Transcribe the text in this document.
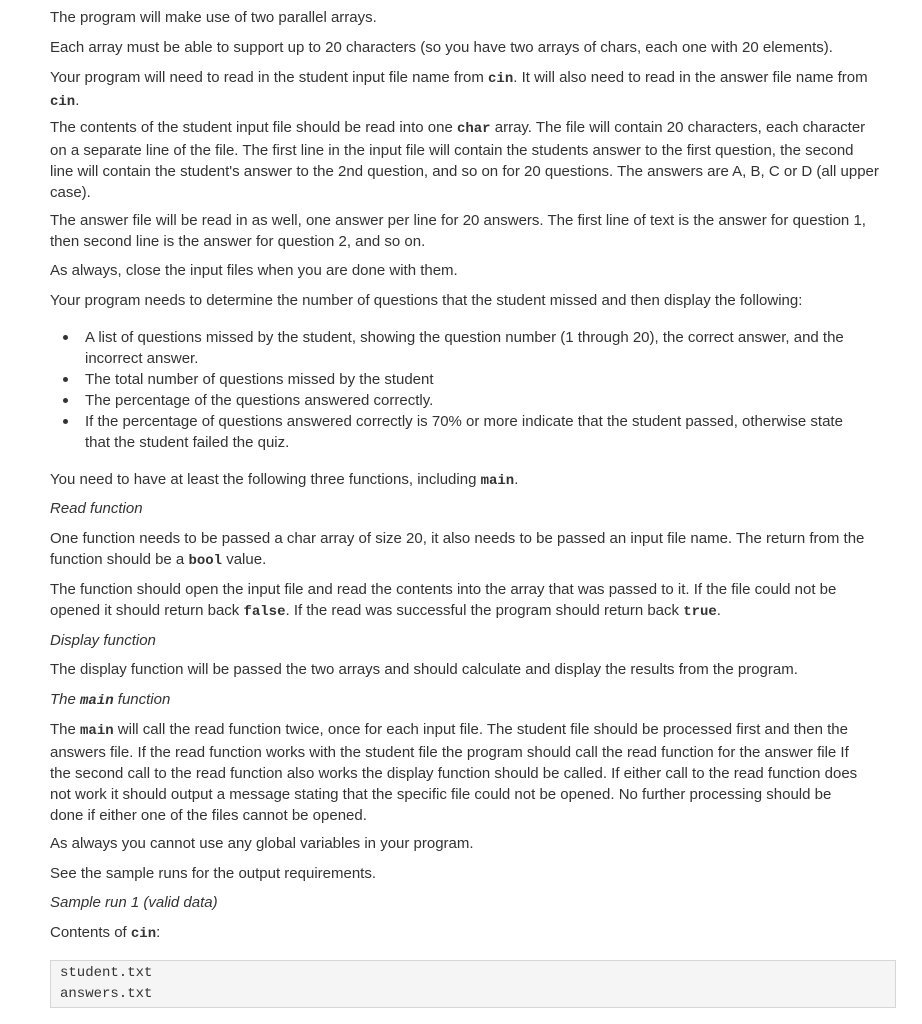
The program will make use of two parallel arrays.

Each array must be able to support up to 20 characters (so you have two arrays of chars, each one with 20 elements).

Your program will need to read in the student input file name from cin. It will also need to read in the answer file name from
cin.
The contents of the student input file should be read into one char array. The file will contain 20 characters, each character
on a separate line of the file. The first line in the input file will contain the students answer to the first question, the second
line will contain the student's answer to the 2nd question, and so on for 20 questions. The answers are A, B, C or D (all upper
case).
The answer file will be read in as well, one answer per line for 20 answers. The first line of text is the answer for question 1,
then second line is the answer for question 2, and so on.

As always, close the input files when you are done with them.

Your program needs to determine the number of questions that the student missed and then display the following:

A list of questions missed by the student, showing the question number (1 through 20), the correct answer, and the
incorrect answer.
The total number of questions missed by the student
The percentage of the questions answered correctly.
If the percentage of questions answered correctly is 70% or more indicate that the student passed, otherwise state
that the student failed the quiz.
You need to have at least the following three functions, including main.

Read function

One function needs to be passed a char array of size 20, it also needs to be passed an input file name. The return from the
function should be a bool value.
The function should open the input file and read the contents into the array that was passed to it. If the file could not be
opened it should return back false. If the read was successful the program should return back true.

Display function

The display function will be passed the two arrays and should calculate and display the results from the program.

The main function
The main will call the read function twice, once for each input file. The student file should be processed first and then the
answers file. If the read function works with the student file the program should call the read function for the answer file If
the second call to the read function also works the display function should be called. If either call to the read function does
not work it should output a message stating that the specific file could not be opened. No further processing should be
done if either one of the files cannot be opened.

As always you cannot use any global variables in your program.

See the sample runs for the output requirements.

Sample run 1 (valid data)

Contents of cin:
student.txt
answers.txt
